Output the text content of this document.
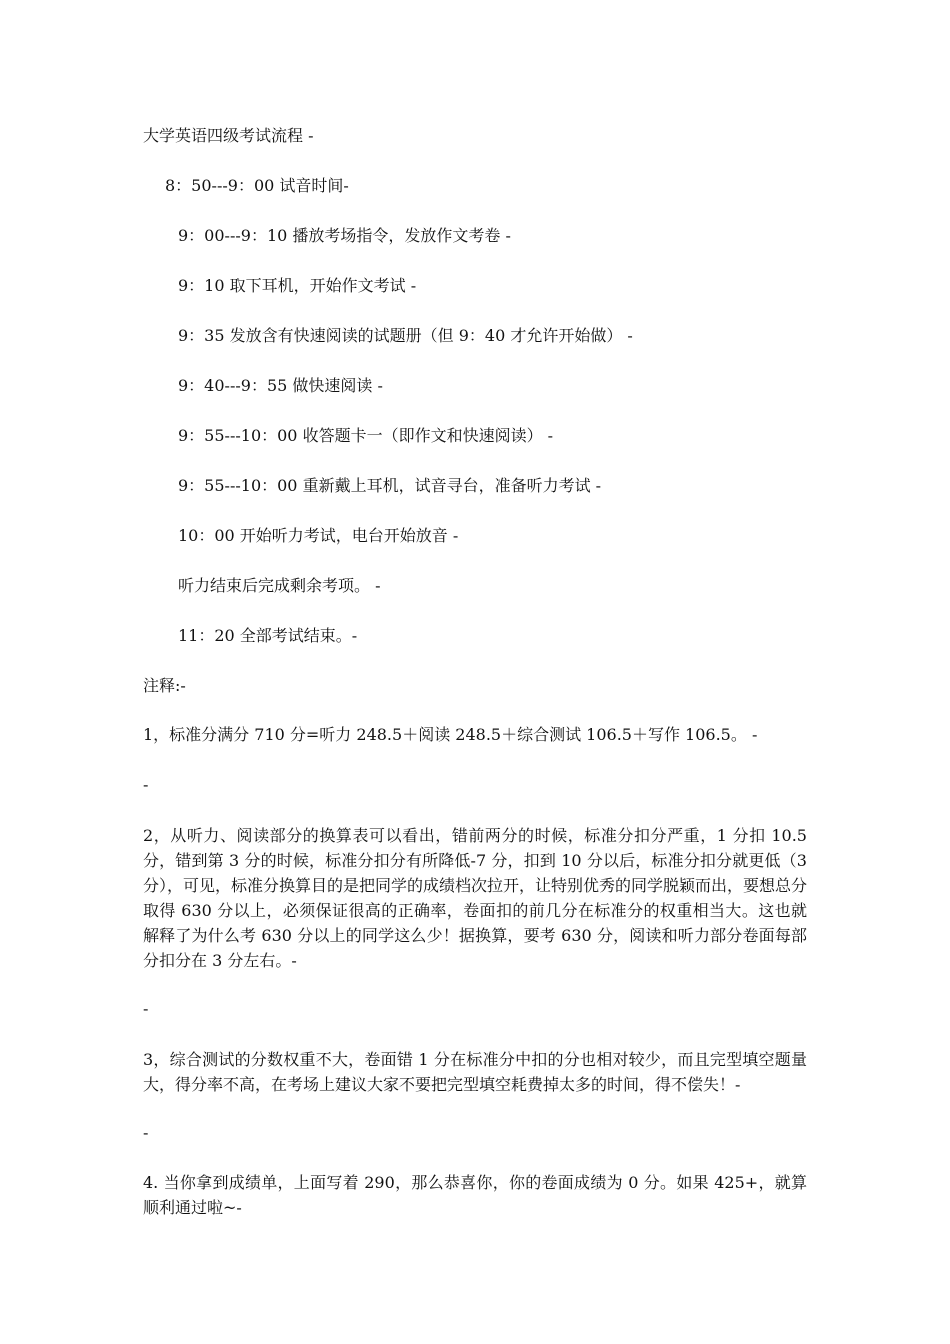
大学英语四级考试流程 -
8：50---9：00 试音时间-
9：00---9：10 播放考场指令，发放作文考卷 -
9：10 取下耳机，开始作文考试 -
9：35 发放含有快速阅读的试题册（但 9：40 才允许开始做） -
9：40---9：55 做快速阅读 -
9：55---10：00 收答题卡一（即作文和快速阅读） -
9：55---10：00 重新戴上耳机，试音寻台，准备听力考试 -
10：00 开始听力考试，电台开始放音 -
听力结束后完成剩余考项。 -
11：20 全部考试结束。-
注释:-
1，标准分满分 710 分=听力 248.5＋阅读 248.5＋综合测试 106.5＋写作 106.5。 -
-
2，从听力、阅读部分的换算表可以看出，错前两分的时候，标准分扣分严重，1 分扣 10.5 分，错到第 3 分的时候，标准分扣分有所降低-7 分，扣到 10 分以后，标准分扣分就更低（3 分），可见，标准分换算目的是把同学的成绩档次拉开，让特别优秀的同学脱颖而出，要想总分取得 630 分以上，必须保证很高的正确率，卷面扣的前几分在标准分的权重相当大。这也就解释了为什么考 630 分以上的同学这么少！据换算，要考 630 分，阅读和听力部分卷面每部分扣分在 3 分左右。-
-
3，综合测试的分数权重不大，卷面错 1 分在标准分中扣的分也相对较少，而且完型填空题量大，得分率不高，在考场上建议大家不要把完型填空耗费掉太多的时间，得不偿失！-
-
4. 当你拿到成绩单，上面写着 290，那么恭喜你，你的卷面成绩为 0 分。如果 425+，就算顺利通过啦~-
